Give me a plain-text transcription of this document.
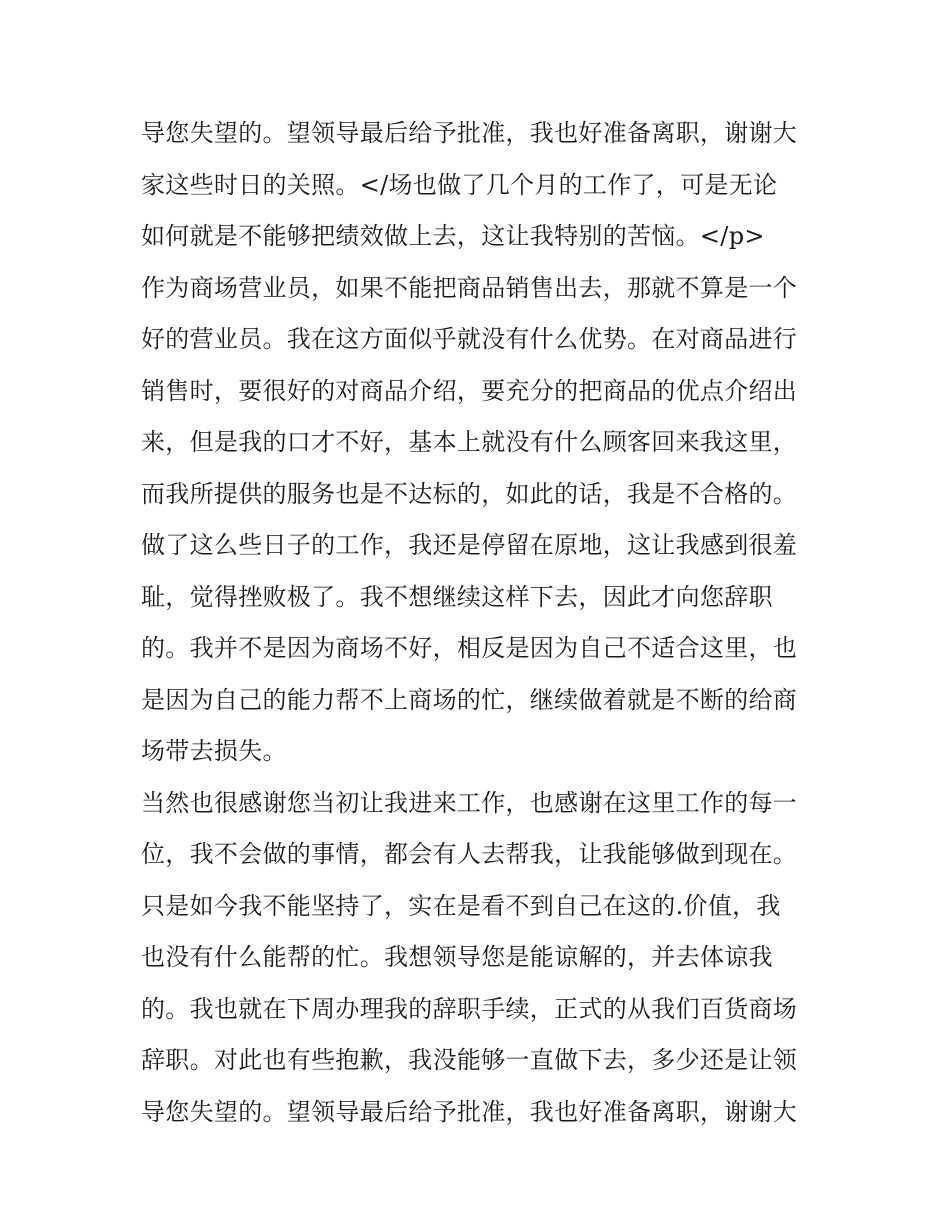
导您失望的。望领导最后给予批准，我也好准备离职，谢谢大
家这些时日的关照。</场也做了几个月的工作了，可是无论
如何就是不能够把绩效做上去，这让我特别的苦恼。</p>
作为商场营业员，如果不能把商品销售出去，那就不算是一个
好的营业员。我在这方面似乎就没有什么优势。在对商品进行
销售时，要很好的对商品介绍，要充分的把商品的优点介绍出
来，但是我的口才不好，基本上就没有什么顾客回来我这里，
而我所提供的服务也是不达标的，如此的话，我是不合格的。
做了这么些日子的工作，我还是停留在原地，这让我感到很羞
耻，觉得挫败极了。我不想继续这样下去，因此才向您辞职
的。我并不是因为商场不好，相反是因为自己不适合这里，也
是因为自己的能力帮不上商场的忙，继续做着就是不断的给商
场带去损失。
当然也很感谢您当初让我进来工作，也感谢在这里工作的每一
位，我不会做的事情，都会有人去帮我，让我能够做到现在。
只是如今我不能坚持了，实在是看不到自己在这的.价值，我
也没有什么能帮的忙。我想领导您是能谅解的，并去体谅我
的。我也就在下周办理我的辞职手续，正式的从我们百货商场
辞职。对此也有些抱歉，我没能够一直做下去，多少还是让领
导您失望的。望领导最后给予批准，我也好准备离职，谢谢大
